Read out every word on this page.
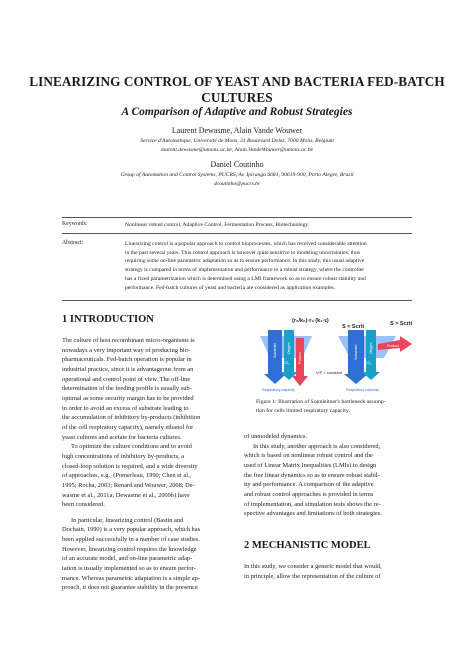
LINEARIZING CONTROL OF YEAST AND BACTERIA FED-BATCH
CULTURES
A Comparison of Adaptive and Robust Strategies
Laurent Dewasme, Alain Vande Wouwer
Service d'Automatique, Université de Mons, 31 Boulevard Dolez, 7000 Mons, Belgium
laurent.dewasme@umons.ac.be, Alain.VandeWouwer@umons.ac.be
Daniel Coutinho
Group of Automation and Control Systems, PUCRS, Av. Ipiranga 6681, 90619-900, Porto Alegre, Brazil
dcoutinho@pucrs.br
Keywords:	Nonlinear robust control, Adaptive Control, Fermentation Process, Biotechnology.
Abstract:	Linearizing control is a popular approach to control bioprocesses, which has received considerable attention
in the past several years. This control approach is however quite sensitive to modeling uncertainties, thus
requiring some on-line parametric adaptation so as to ensure performance. In this study, this usual adaptive
strategy is compared in terms of implementation and performance to a robust strategy, where the controller
has a fixed parametrization which is determined using a LMI framework so as to ensure robust stability and
performance. Fed-batch cultures of yeast and bacteria are considered as application examples.
1 INTRODUCTION

The culture of host recombinant micro-organisms is
nowadays a very important way of producing bio-
pharmaceuticals. Fed-batch operation is popular in
industrial practice, since it is advantageous from an
operational and control point of view. The off-line
determination of the feeding profile is usually sub-
optimal as some security margin has to be provided
in order to avoid an excess of substrate leading to
the accumulation of inhibitory by-products (inhibition
of the cell respiratory capacity), namely ethanol for
yeast cultures and acetate for bacteria cultures.

To optimize the culture conditions and to avoid
high concentrations of inhibitory by-products, a
closed-loop solution is required, and a wide diversity
of approaches, e.g., (Pomerleau, 1990; Chen et al.,
1995; Rocha, 2003; Renard and Wouwer, 2008; De-
wasme et al., 2011a; Dewasme et al., 2009b) have
been considered.

In particular, linearizing control (Bastin and
Dochain, 1990) is a very popular approach, which has
been applied successfully in a number of case studies.
However, linearizing control requires the knowledge
of an accurate model, and on-line parametric adap-
tation is usually implemented so as to ensure perfor-
mance. Whereas parametric adaptation is a simple ap-
proach, it does not guarantee stability in the presence

(r₀/k₀)·r₀ (k₁·ε)
S < Scrit	S > Scrit
Substrate	Oxygen
Product
CO₂
Substrate	Oxygen	Product
CO₂
V/F = constant
Respiratory capacity	Respiratory capacity
Figure 1: Illustration of Sonnleitner's bottleneck assump-
tion for cells limited respiratory capacity.

of unmodeled dynamics.

In this study, another approach is also considered,
which is based on nonlinear robust control and the
used of Linear Matrix Inequalities (LMIs) to design
the free linear dynamics so as to ensure robust stabil-
ity and performance. A comparison of the adaptive
and robust control approaches is provided in terms
of implementation, and simulation tests shows the re-
spective advantages and limitations of both strategies.

2 MECHANISTIC MODEL

In this study, we consider a generic model that would,
in principle, allow the representation of the culture of
